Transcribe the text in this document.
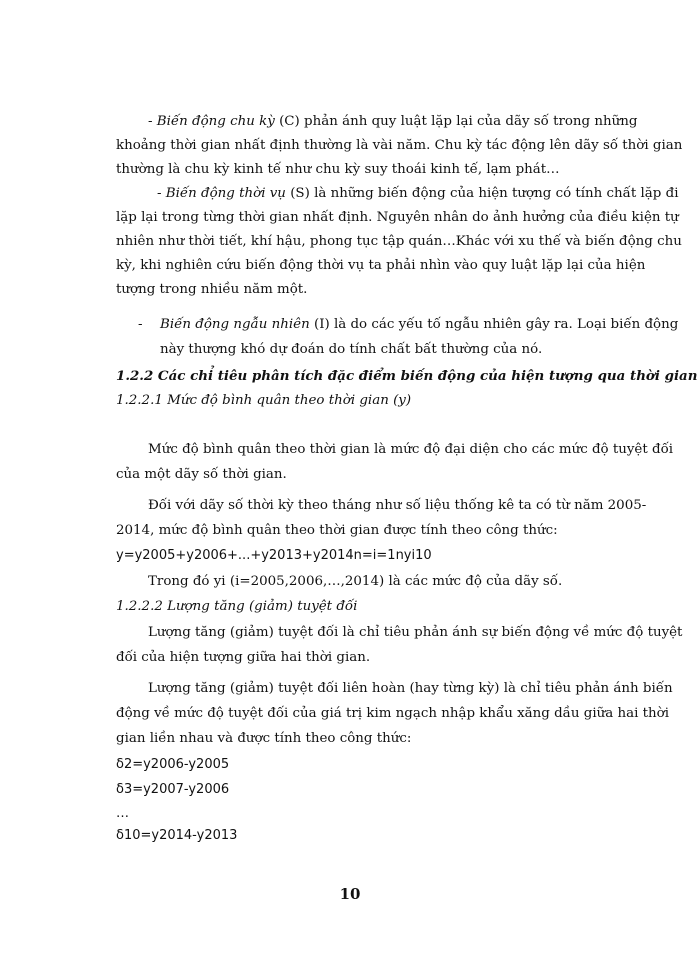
- Biến động chu kỳ (C) phản ánh quy luật lặp lại của dãy số trong những
khoảng thời gian nhất định thường là vài năm. Chu kỳ tác động lên dãy số thời gian
thường là chu kỳ kinh tế như chu kỳ suy thoái kinh tế, lạm phát…
- Biến động thời vụ (S) là những biến động của hiện tượng có tính chất lặp đi
lặp lại trong từng thời gian nhất định. Nguyên nhân do ảnh hưởng của điều kiện tự
nhiên như thời tiết, khí hậu, phong tục tập quán…Khác với xu thế và biến động chu
kỳ, khi nghiên cứu biến động thời vụ ta phải nhìn vào quy luật lặp lại của hiện
tượng trong nhiều năm một.
- Biến động ngẫu nhiên (I) là do các yếu tố ngẫu nhiên gây ra. Loại biến động
này thượng khó dự đoán do tính chất bất thường của nó.
1.2.2 Các chỉ tiêu phân tích đặc điểm biến động của hiện tượng qua thời gian
1.2.2.1 Mức độ bình quân theo thời gian (y)
Mức độ bình quân theo thời gian là mức độ đại diện cho các mức độ tuyệt đối
của một dãy số thời gian.
Đối với dãy số thời kỳ theo tháng như số liệu thống kê ta có từ năm 2005-
2014, mức độ bình quân theo thời gian được tính theo công thức:
y=y2005+y2006+...+y2013+y2014n=i=1nyi10
Trong đó yi (i=2005,2006,…,2014) là các mức độ của dãy số.
1.2.2.2 Lượng tăng (giảm) tuyệt đối
Lượng tăng (giảm) tuyệt đối là chỉ tiêu phản ánh sự biến động về mức độ tuyệt
đối của hiện tượng giữa hai thời gian.
Lượng tăng (giảm) tuyệt đối liên hoàn (hay từng kỳ) là chỉ tiêu phản ánh biến
động về mức độ tuyệt đối của giá trị kim ngạch nhập khẩu xăng dầu giữa hai thời
gian liền nhau và được tính theo công thức:
δ2=y2006-y2005
δ3=y2007-y2006
…
δ10=y2014-y2013
10
